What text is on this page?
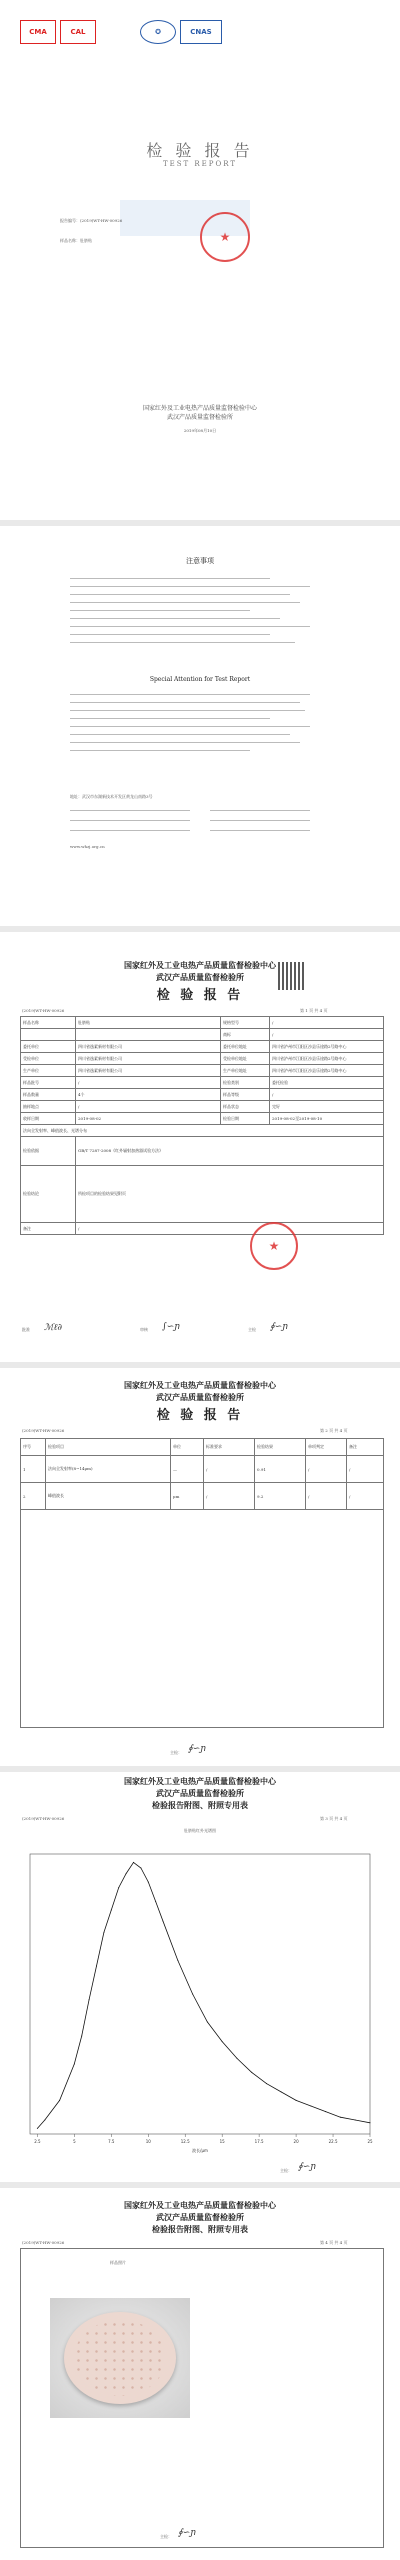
CMA	CAL	✪	CNAS
检 验 报 告
TEST REPORT
报告编号：(2019)WT-HW-00926
样品名称：肚脐贴	★
国家红外及工业电热产品质量监督检验中心
武汉产品质量监督检验所
2019年08月10日
注意事项
Special Attention for Test Report
地址：武汉市东湖新技术开发区黄龙山南路3号
www.whzj.org.cn
国家红外及工业电热产品质量监督检验中心
武汉产品质量监督检验所
检 验 报 告
(2019)WT-HW-00926	第 1 页 共 4 页
样品名称	肚脐贴	规格型号	/
		商标	/
委托单位	四川省逸素新材有限公司	委托单位地址	四川省泸州市江阳区沙县乐途路2号路中心
受检单位	四川省逸素新材有限公司	受检单位地址	四川省泸州市江阳区沙县乐途路2号路中心
生产单位	四川省逸素新材有限公司	生产单位地址	四川省泸州市江阳区沙县乐途路2号路中心
样品批号	/	检验类别	委托检验
样品数量	4个	样品等级	/
抽样地点	/	样品状态	完好
收样日期	2019-08-02	检验日期	2019-08-02至2019-08-10
法向全发射率、峰值波长、光谱分布			
检验依据	GB/T 7287-2008《红外辐射加热器试验方法》		
检验结论	所检项目的检验结果见附页		
备注	/		
★
批准 ℳℓ∂	审核 ∫∽ɲ	主检 ∮∽ɲ
国家红外及工业电热产品质量监督检验中心
武汉产品质量监督检验所
检 验 报 告
(2019)WT-HW-00926	第 2 页 共 4 页
序号	检验项目	单位	标准要求	检验结果	单项判定	备注
1	法向全发射率(8~14μm)	—	/	0.91	/	/
2	峰值波长	μm	/	9.2	/	/
主检： ∮∽ɲ
国家红外及工业电热产品质量监督检验中心
武汉产品质量监督检验所
检验报告附图、附照专用表
(2019)WT-HW-00926	第 3 页 共 4 页
肚脐贴红外光谱图
2.5	5	7.5	10	12.5	15	17.5	20	22.5	25
波长/μm
主检： ∮∽ɲ
国家红外及工业电热产品质量监督检验中心
武汉产品质量监督检验所
检验报告附图、附照专用表
(2019)WT-HW-00926	第 4 页 共 4 页
样品照片
主检： ∮∽ɲ
